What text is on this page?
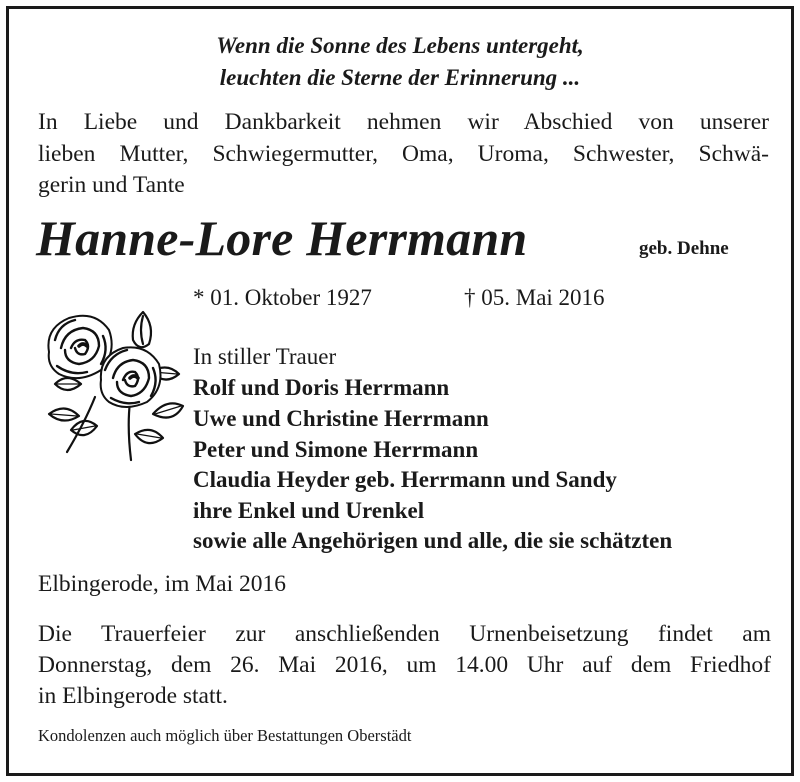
Wenn die Sonne des Lebens untergeht,
leuchten die Sterne der Erinnerung ...
In Liebe und Dankbarkeit nehmen wir Abschied von unserer
lieben Mutter, Schwiegermutter, Oma, Uroma, Schwester, Schwä-
gerin und Tante
Hanne-Lore Herrmann	geb. Dehne
* 01. Oktober 1927	† 05. Mai 2016
In stiller Trauer
Rolf und Doris Herrmann
Uwe und Christine Herrmann
Peter und Simone Herrmann
Claudia Heyder geb. Herrmann und Sandy
ihre Enkel und Urenkel
sowie alle Angehörigen und alle, die sie schätzten
Elbingerode, im Mai 2016
Die Trauerfeier zur anschließenden Urnenbeisetzung findet am
Donnerstag, dem 26. Mai 2016, um 14.00 Uhr auf dem Friedhof
in Elbingerode statt.
Kondolenzen auch möglich über Bestattungen Oberstädt
